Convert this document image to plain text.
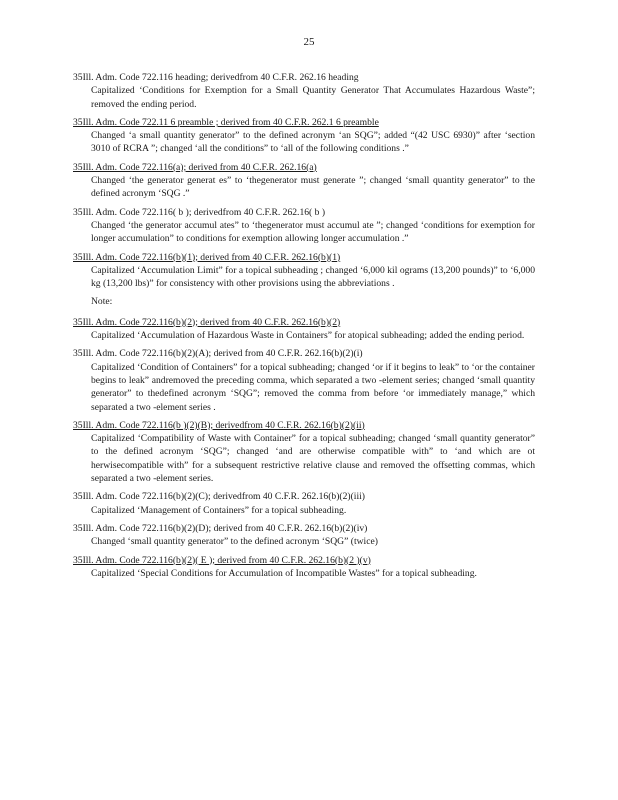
25
35Ill. Adm. Code 722.116 heading; derivedfrom 40 C.F.R. 262.16 heading
Capitalized ‘Conditions for Exemption for a Small Quantity Generator That Accumulates Hazardous Waste”; removed the ending period.
35Ill. Adm. Code 722.11 6 preamble ; derived from 40 C.F.R. 262.1 6 preamble
Changed ‘a small quantity generator” to the defined acronym ‘an SQG”; added “(42 USC 6930)” after ‘section 3010 of RCRA ”; changed ‘all the conditions” to ‘all of the following conditions .”
35Ill. Adm. Code 722.116(a); derived from 40 C.F.R. 262.16(a)
Changed ‘the generator generat es” to ‘thegenerator must generate ”; changed ‘small quantity generator” to the defined acronym ‘SQG .”
35Ill. Adm. Code 722.116( b ); derivedfrom 40 C.F.R. 262.16( b )
Changed ‘the generator accumul ates” to ‘thegenerator must accumul ate ”; changed ‘conditions for exemption for longer accumulation” to conditions for exemption allowing longer accumulation .”
35Ill. Adm. Code 722.116(b)(1); derived from 40 C.F.R. 262.16(b)(1)
Capitalized ‘Accumulation Limit” for a topical subheading ; changed ‘6,000 kil ograms (13,200 pounds)” to ‘6,000 kg (13,200 lbs)” for consistency with other provisions using the abbreviations .
Note:
35Ill. Adm. Code 722.116(b)(2); derived from 40 C.F.R. 262.16(b)(2)
Capitalized ‘Accumulation of Hazardous Waste in Containers” for atopical subheading; added the ending period.
35Ill. Adm. Code 722.116(b)(2)(A); derived from 40 C.F.R. 262.16(b)(2)(i)
Capitalized ‘Condition of Containers” for a topical subheading; changed ‘or if it begins to leak” to ‘or the container begins to leak” andremoved the preceding comma, which separated a two -element series; changed ‘small quantity generator” to thedefined acronym ‘SQG”; removed the comma from before ‘or immediately manage,” which separated a two -element series .
35Ill. Adm. Code 722.116(b )(2)(B); derivedfrom 40 C.F.R. 262.16(b)(2)(ii)
Capitalized ‘Compatibility of Waste with Container” for a topical subheading; changed ‘small quantity generator” to the defined acronym ‘SQG”; changed ‘and are otherwise compatible with” to ‘and which are ot herwisecompatible with” for a subsequent restrictive relative clause and removed the offsetting commas, which separated a two -element series.
35Ill. Adm. Code 722.116(b)(2)(C); derivedfrom 40 C.F.R. 262.16(b)(2)(iii)
Capitalized ‘Management of Containers” for a topical subheading.
35Ill. Adm. Code 722.116(b)(2)(D); derived from 40 C.F.R. 262.16(b)(2)(iv)
Changed ‘small quantity generator” to the defined acronym ‘SQG” (twice)
35Ill. Adm. Code 722.116(b)(2)( E ); derived from 40 C.F.R. 262.16(b)(2 )(v)
Capitalized ‘Special Conditions for Accumulation of Incompatible Wastes” for a topical subheading.
